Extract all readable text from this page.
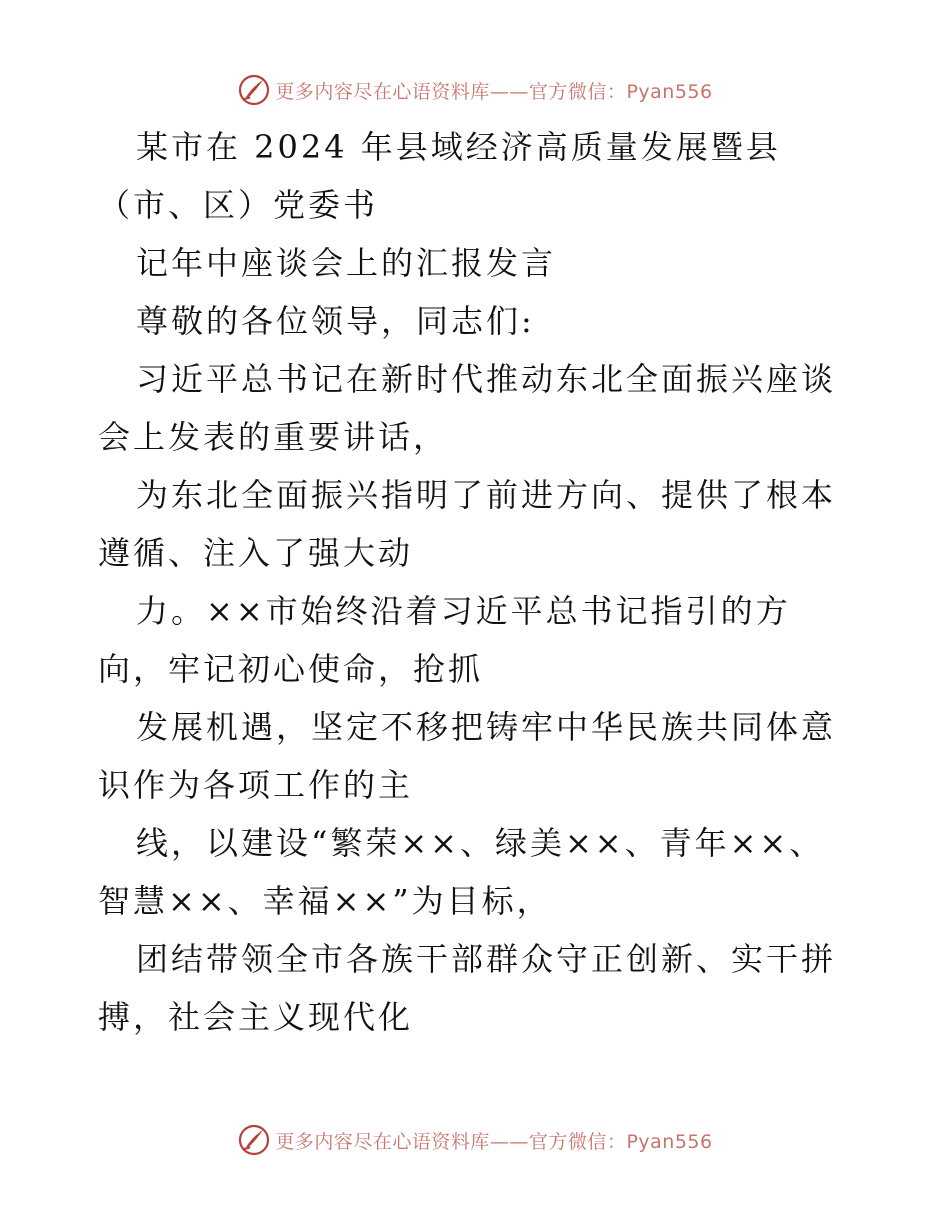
更多内容尽在心语资料库——官方微信：Pyan556

某市在 2024 年县域经济高质量发展暨县（市、区）党委书

记年中座谈会上的汇报发言

尊敬的各位领导，同志们:

习近平总书记在新时代推动东北全面振兴座谈会上发表的重要讲话，

为东北全面振兴指明了前进方向、提供了根本遵循、注入了强大动

力。××市始终沿着习近平总书记指引的方向，牢记初心使命，抢抓

发展机遇，坚定不移把铸牢中华民族共同体意识作为各项工作的主

线，以建设“繁荣××、绿美××、青年××、智慧××、幸福××”为目标，

团结带领全市各族干部群众守正创新、实干拼搏，社会主义现代化

更多内容尽在心语资料库——官方微信：Pyan556
